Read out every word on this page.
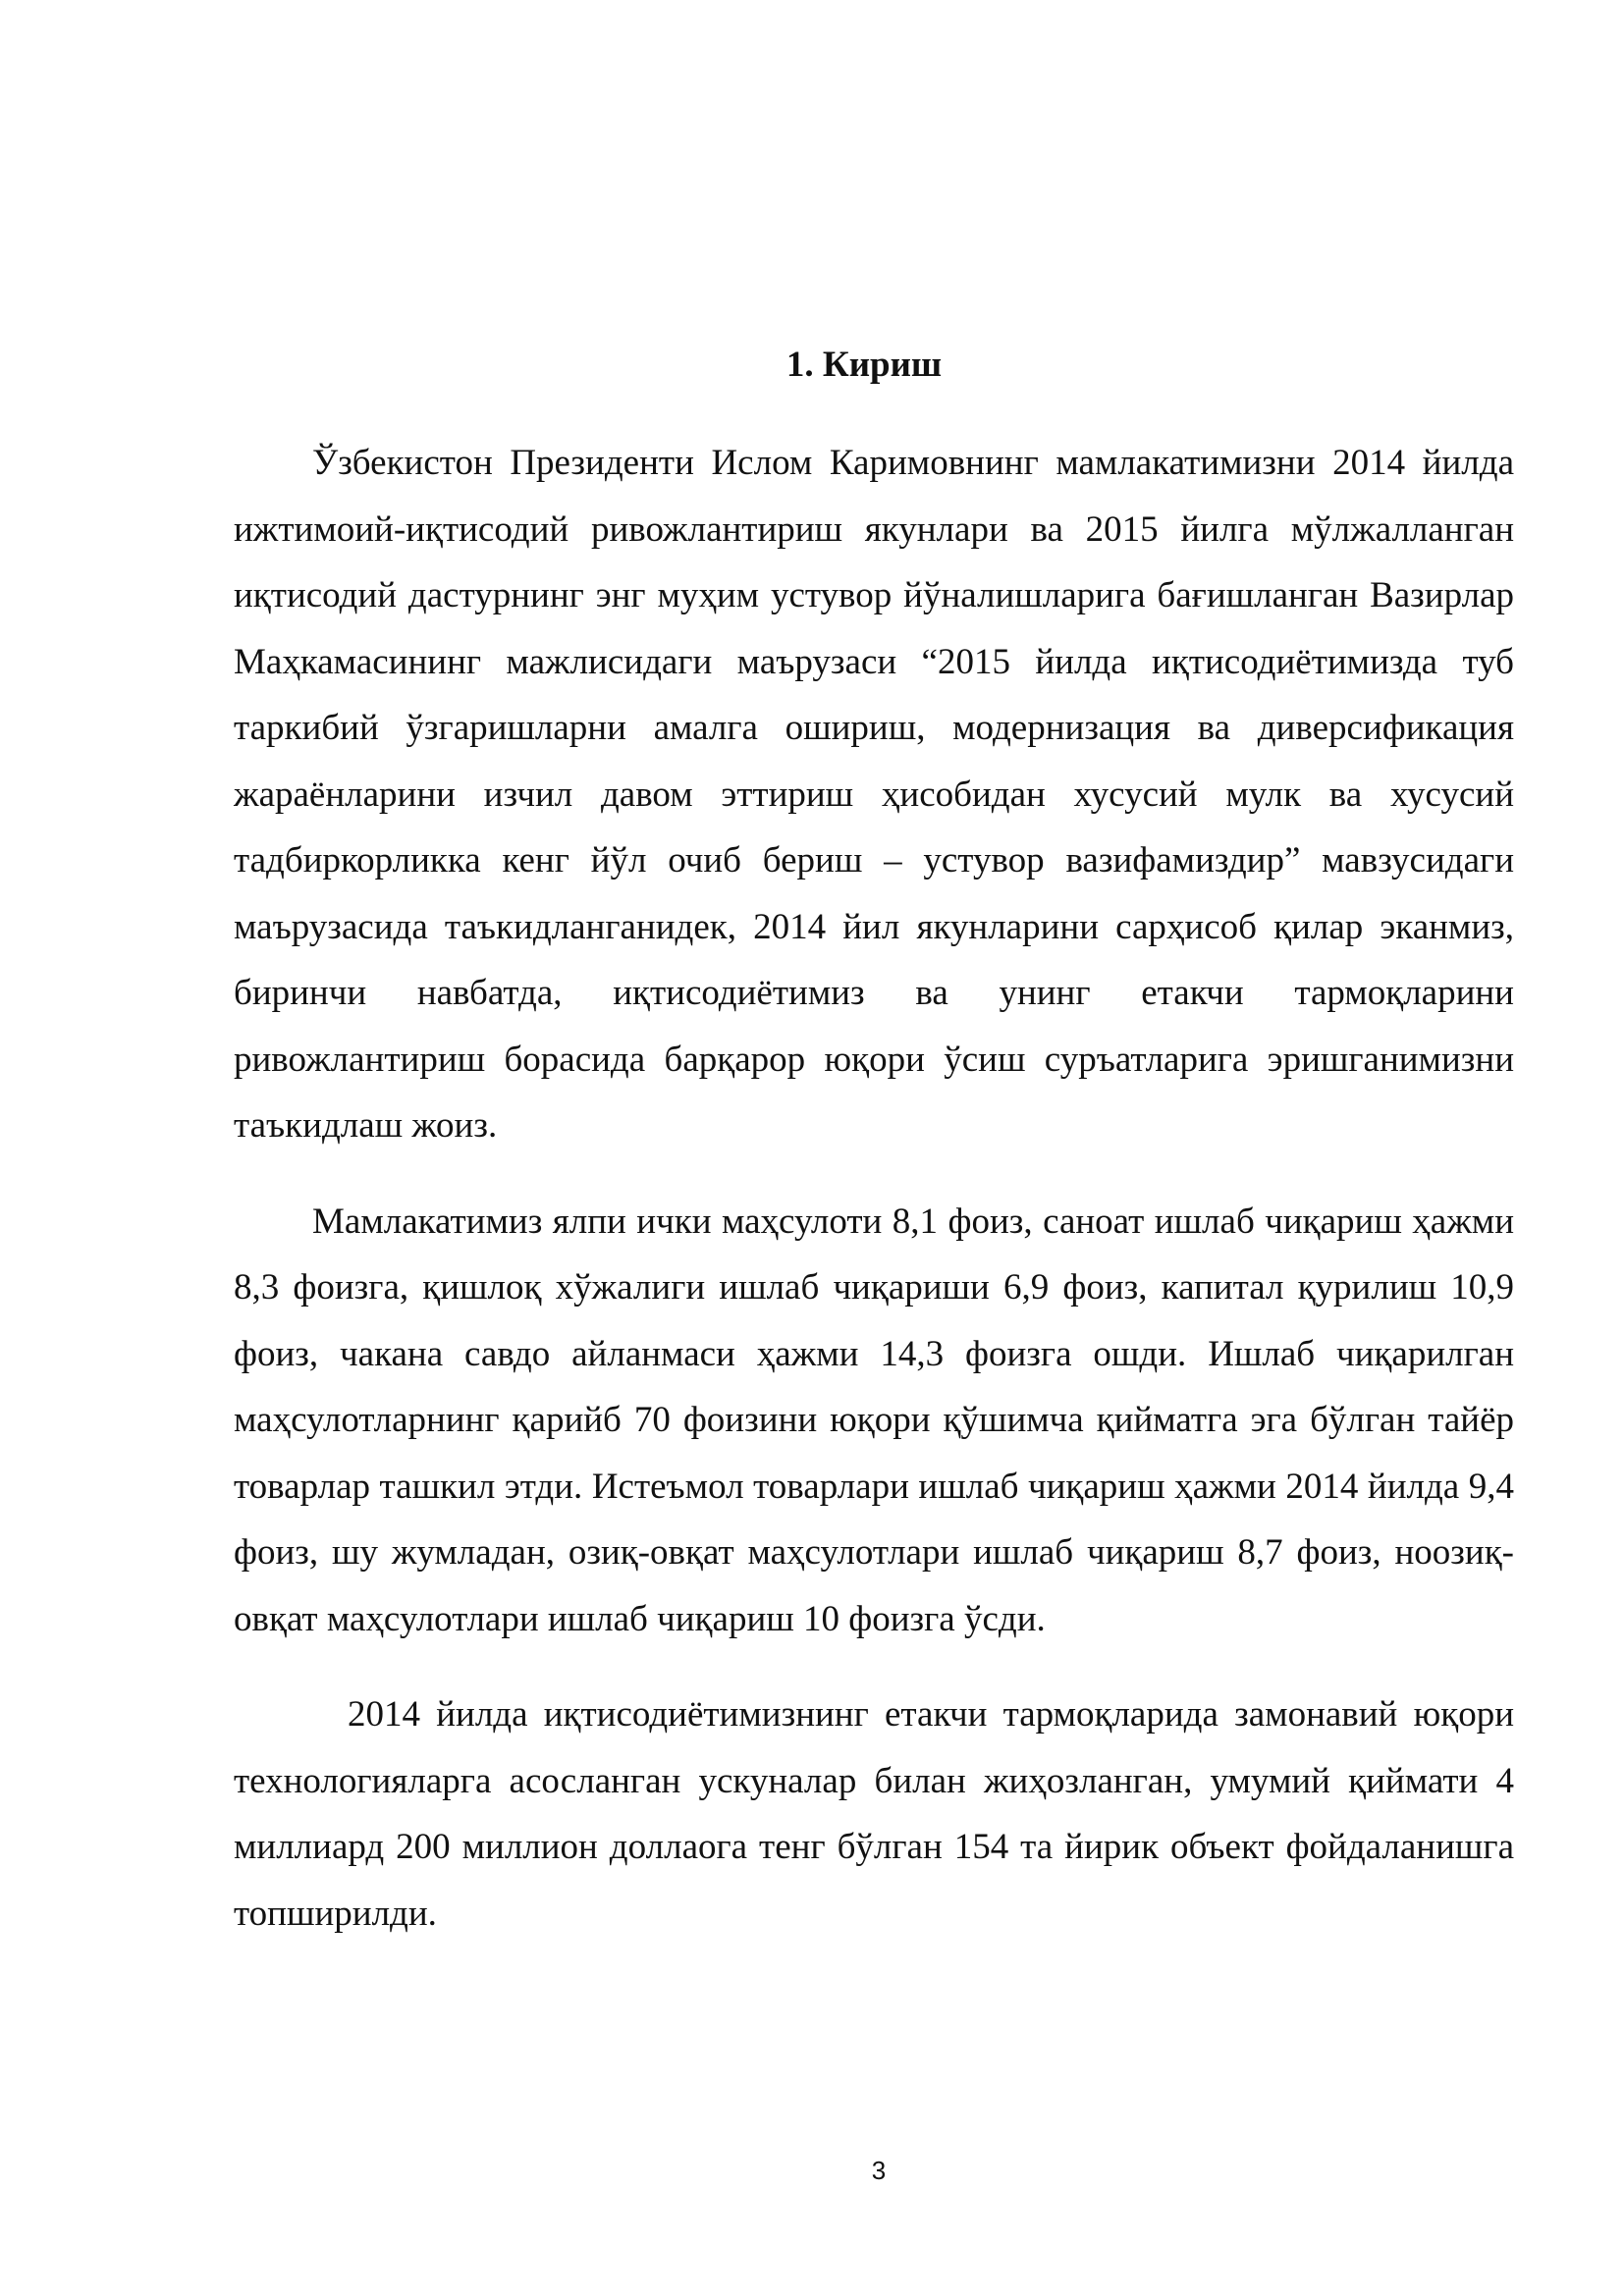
1. Кириш

Ўзбекистон Президенти Ислом Каримовнинг мамлакатимизни 2014 йилда ижтимоий-иқтисодий ривожлантириш якунлари ва 2015 йилга мўлжалланган иқтисодий дастурнинг энг муҳим устувор йўналишларига бағишланган Вазирлар Маҳкамасининг мажлисидаги маърузаси “2015 йилда иқтисодиётимизда туб таркибий ўзгаришларни амалга ошириш, модернизация ва диверсификация жараёнларини изчил давом эттириш ҳисобидан хусусий мулк ва хусусий тадбиркорликка кенг йўл очиб бериш – устувор вазифамиздир” мавзусидаги маърузасида таъкидланганидек, 2014 йил якунларини сарҳисоб қилар эканмиз, биринчи навбатда, иқтисодиётимиз ва унинг етакчи тармоқларини ривожлантириш борасида барқарор юқори ўсиш суръатларига эришганимизни таъкидлаш жоиз.

Мамлакатимиз ялпи ички маҳсулоти 8,1 фоиз, саноат ишлаб чиқариш ҳажми 8,3 фоизга, қишлоқ хўжалиги ишлаб чиқариши 6,9 фоиз, капитал қурилиш 10,9 фоиз, чакана савдо айланмаси ҳажми 14,3 фоизга ошди. Ишлаб чиқарилган маҳсулотларнинг қарийб 70 фоизини юқори қўшимча қийматга эга бўлган тайёр товарлар ташкил этди. Истеъмол товарлари ишлаб чиқариш ҳажми 2014 йилда 9,4 фоиз, шу жумладан, озиқ-овқат маҳсулотлари ишлаб чиқариш 8,7 фоиз, ноозиқ-овқат маҳсулотлари ишлаб чиқариш 10 фоизга ўсди.

2014 йилда иқтисодиётимизнинг етакчи тармоқларида замонавий юқори технологияларга асосланган ускуналар билан жиҳозланган, умумий қиймати 4 миллиард 200 миллион доллаога тенг бўлган 154 та йирик объект фойдаланишга топширилди.

3
